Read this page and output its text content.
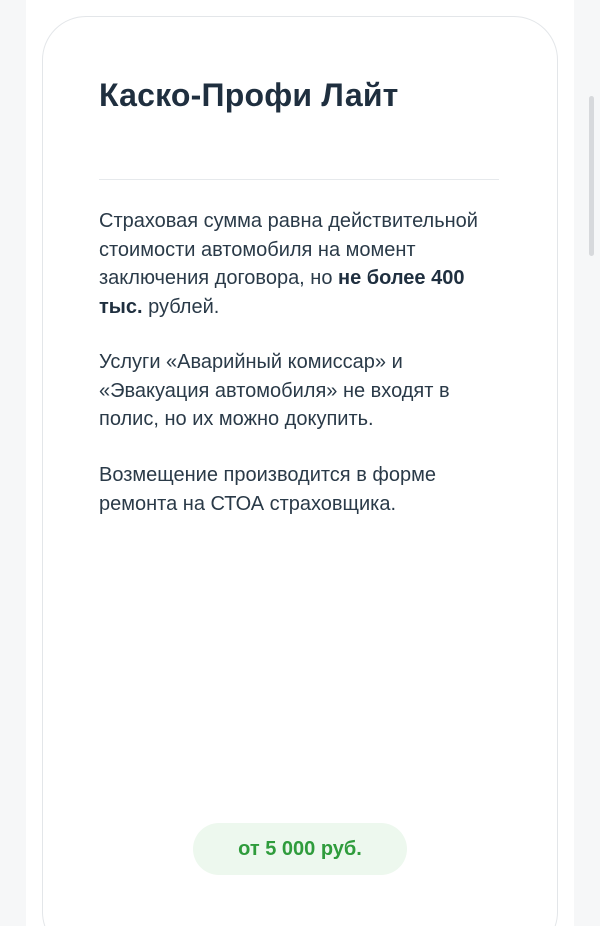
Каско-Профи Лайт

Страховая сумма равна действительной стоимости автомобиля на момент заключения договора, но не более 400 тыс. рублей.

Услуги «Аварийный комиссар» и «Эвакуация автомобиля» не входят в полис, но их можно докупить.

Возмещение производится в форме ремонта на СТОА страховщика.

от 5 000 руб.
